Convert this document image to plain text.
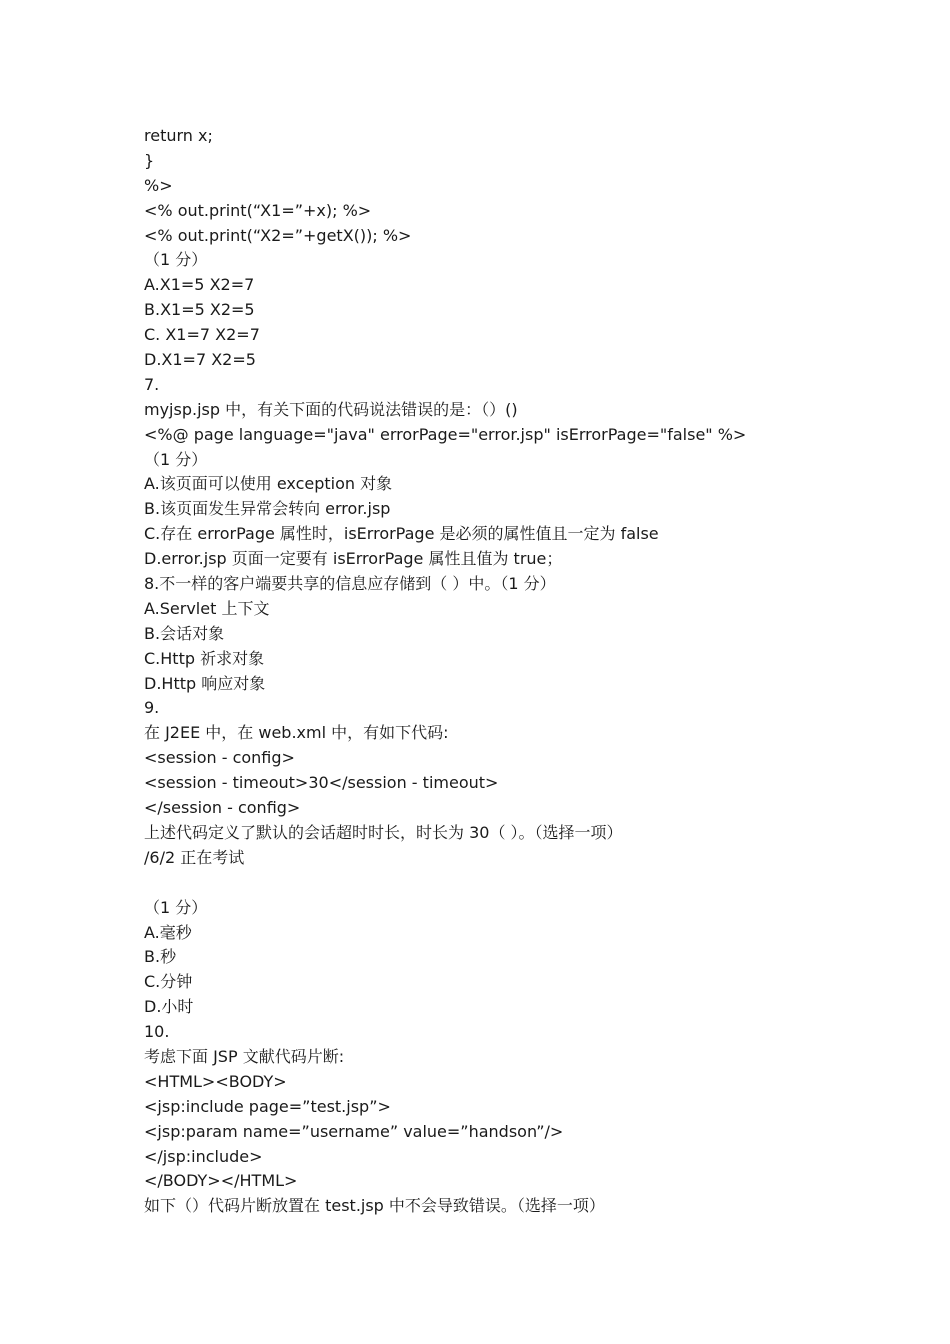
return x;
}
%>
<% out.print(“X1=”+x); %>
<% out.print(“X2=”+getX()); %>
（1 分）
A.X1=5 X2=7
B.X1=5 X2=5
C. X1=7 X2=7
D.X1=7 X2=5
7.
myjsp.jsp 中，有关下面的代码说法错误的是：（）()
<%@ page language="java" errorPage="error.jsp" isErrorPage="false" %>
（1 分）
A.该页面可以使用 exception 对象
B.该页面发生异常会转向 error.jsp
C.存在 errorPage 属性时，isErrorPage 是必须的属性值且一定为 false
D.error.jsp 页面一定要有 isErrorPage 属性且值为 true；
8.不一样的客户端要共享的信息应存储到（ ）中。（1 分）
A.Servlet 上下文
B.会话对象
C.Http 祈求对象
D.Http 响应对象
9.
在 J2EE 中，在 web.xml 中，有如下代码:
<session - config>
<session - timeout>30</session - timeout>
</session - config>
上述代码定义了默认的会话超时时长，时长为 30（ ）。（选择一项）
/6/2 正在考试
（1 分）
A.毫秒
B.秒
C.分钟
D.小时
10.
考虑下面 JSP 文献代码片断:
<HTML><BODY>
<jsp:include page=”test.jsp”>
<jsp:param name=”username” value=”handson”/>
</jsp:include>
</BODY></HTML>
如下（）代码片断放置在 test.jsp 中不会导致错误。（选择一项）
